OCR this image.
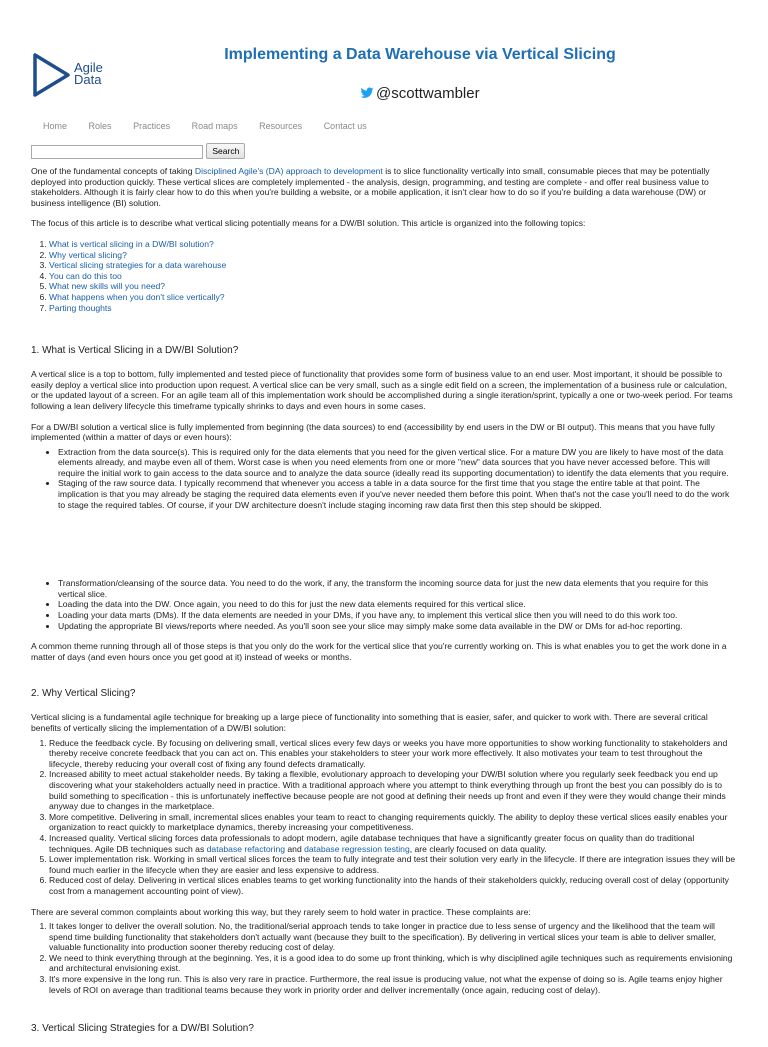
Agile
Data
Implementing a Data Warehouse via Vertical Slicing
@scottwambler
Home Roles Practices Road maps Resources Contact us
Search

One of the fundamental concepts of taking Disciplined Agile's (DA) approach to development is to slice functionality vertically into small, consumable pieces that may be potentially deployed into production quickly. These vertical slices are completely implemented - the analysis, design, programming, and testing are complete - and offer real business value to stakeholders. Although it is fairly clear how to do this when you're building a website, or a mobile application, it isn't clear how to do so if you're building a data warehouse (DW) or business intelligence (BI) solution.

The focus of this article is to describe what vertical slicing potentially means for a DW/BI solution. This article is organized into the following topics:

1. What is vertical slicing in a DW/BI solution?
2. Why vertical slicing?
3. Vertical slicing strategies for a data warehouse
4. You can do this too
5. What new skills will you need?
6. What happens when you don't slice vertically?
7. Parting thoughts
1. What is Vertical Slicing in a DW/BI Solution?

A vertical slice is a top to bottom, fully implemented and tested piece of functionality that provides some form of business value to an end user. Most important, it should be possible to easily deploy a vertical slice into production upon request. A vertical slice can be very small, such as a single edit field on a screen, the implementation of a business rule or calculation, or the updated layout of a screen. For an agile team all of this implementation work should be accomplished during a single iteration/sprint, typically a one or two-week period. For teams following a lean delivery lifecycle this timeframe typically shrinks to days and even hours in some cases.

For a DW/BI solution a vertical slice is fully implemented from beginning (the data sources) to end (accessibility by end users in the DW or BI output). This means that you have fully implemented (within a matter of days or even hours):

• Extraction from the data source(s). This is required only for the data elements that you need for the given vertical slice. For a mature DW you are likely to have most of the data elements already, and maybe even all of them. Worst case is when you need elements from one or more "new" data sources that you have never accessed before. This will require the initial work to gain access to the data source and to analyze the data source (ideally read its supporting documentation) to identify the data elements that you require.
• Staging of the raw source data. I typically recommend that whenever you access a table in a data source for the first time that you stage the entire table at that point. The implication is that you may already be staging the required data elements even if you've never needed them before this point. When that's not the case you'll need to do the work to stage the required tables. Of course, if your DW architecture doesn't include staging incoming raw data first then this step should be skipped.
• Transformation/cleansing of the source data. You need to do the work, if any, the transform the incoming source data for just the new data elements that you require for this vertical slice.
• Loading the data into the DW. Once again, you need to do this for just the new data elements required for this vertical slice.
• Loading your data marts (DMs). If the data elements are needed in your DMs, if you have any, to implement this vertical slice then you will need to do this work too.
• Updating the appropriate BI views/reports where needed. As you'll soon see your slice may simply make some data available in the DW or DMs for ad-hoc reporting.

A common theme running through all of those steps is that you only do the work for the vertical slice that you're currently working on. This is what enables you to get the work done in a matter of days (and even hours once you get good at it) instead of weeks or months.

2. Why Vertical Slicing?

Vertical slicing is a fundamental agile technique for breaking up a large piece of functionality into something that is easier, safer, and quicker to work with. There are several critical benefits of vertically slicing the implementation of a DW/BI solution:

1. Reduce the feedback cycle. By focusing on delivering small, vertical slices every few days or weeks you have more opportunities to show working functionality to stakeholders and thereby receive concrete feedback that you can act on. This enables your stakeholders to steer your work more effectively. It also motivates your team to test throughout the lifecycle, thereby reducing your overall cost of fixing any found defects dramatically.
2. Increased ability to meet actual stakeholder needs. By taking a flexible, evolutionary approach to developing your DW/BI solution where you regularly seek feedback you end up discovering what your stakeholders actually need in practice. With a traditional approach where you attempt to think everything through up front the best you can possibly do is to build something to specification - this is unfortunately ineffective because people are not good at defining their needs up front and even if they were they would change their minds anyway due to changes in the marketplace.
3. More competitive. Delivering in small, incremental slices enables your team to react to changing requirements quickly. The ability to deploy these vertical slices easily enables your organization to react quickly to marketplace dynamics, thereby increasing your competitiveness.
4. Increased quality. Vertical slicing forces data professionals to adopt modern, agile database techniques that have a significantly greater focus on quality than do traditional techniques. Agile DB techniques such as database refactoring and database regression testing, are clearly focused on data quality.
5. Lower implementation risk. Working in small vertical slices forces the team to fully integrate and test their solution very early in the lifecycle. If there are integration issues they will be found much earlier in the lifecycle when they are easier and less expensive to address.
6. Reduced cost of delay. Delivering in vertical slices enables teams to get working functionality into the hands of their stakeholders quickly, reducing overall cost of delay (opportunity cost from a management accounting point of view).

There are several common complaints about working this way, but they rarely seem to hold water in practice. These complaints are:

1. It takes longer to deliver the overall solution. No, the traditional/serial approach tends to take longer in practice due to less sense of urgency and the likelihood that the team will spend time building functionality that stakeholders don't actually want (because they built to the specification). By delivering in vertical slices your team is able to deliver smaller, valuable functionality into production sooner thereby reducing cost of delay.
2. We need to think everything through at the beginning. Yes, it is a good idea to do some up front thinking, which is why disciplined agile techniques such as requirements envisioning and architectural envisioning exist.
3. It's more expensive in the long run. This is also very rare in practice. Furthermore, the real issue is producing value, not what the expense of doing so is. Agile teams enjoy higher levels of ROI on average than traditional teams because they work in priority order and deliver incrementally (once again, reducing cost of delay).
3. Vertical Slicing Strategies for a DW/BI Solution?
